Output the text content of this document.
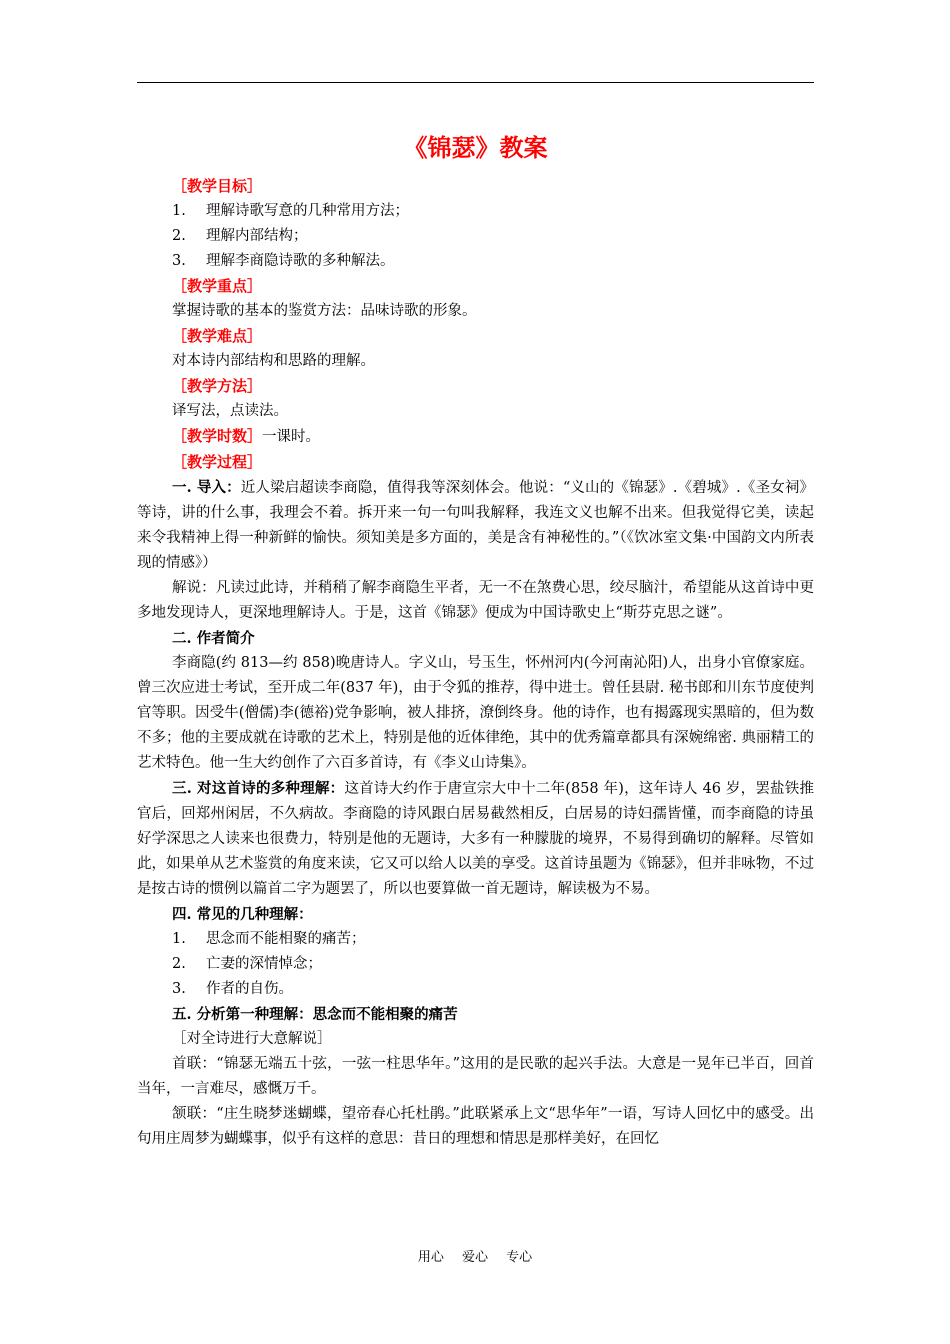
《锦瑟》教案

［教学目标］

1.	理解诗歌写意的几种常用方法；

2.	理解内部结构；

3.	理解李商隐诗歌的多种解法。

［教学重点］

掌握诗歌的基本的鉴赏方法：品味诗歌的形象。

［教学难点］

对本诗内部结构和思路的理解。

［教学方法］

译写法，点读法。

［教学时数］一课时。

［教学过程］

一. 导入：近人梁启超读李商隐，值得我等深刻体会。他说：“义山的《锦瑟》.《碧城》.《圣女祠》等诗，讲的什么事，我理会不着。拆开来一句一句叫我解释，我连文义也解不出来。但我觉得它美，读起来令我精神上得一种新鲜的愉快。须知美是多方面的，美是含有神秘性的。”（《饮冰室文集·中国韵文内所表现的情感》）

解说：凡读过此诗，并稍稍了解李商隐生平者，无一不在煞费心思，绞尽脑汁，希望能从这首诗中更多地发现诗人，更深地理解诗人。于是，这首《锦瑟》便成为中国诗歌史上“斯芬克思之谜”。

二. 作者简介

李商隐(约 813—约 858)晚唐诗人。字义山，号玉生，怀州河内(今河南沁阳)人，出身小官僚家庭。曾三次应进士考试，至开成二年(837 年)，由于令狐的推荐，得中进士。曾任县尉. 秘书郎和川东节度使判官等职。因受牛(僧儒)李(德裕)党争影响，被人排挤，潦倒终身。他的诗作，也有揭露现实黑暗的，但为数不多；他的主要成就在诗歌的艺术上，特别是他的近体律绝，其中的优秀篇章都具有深婉绵密. 典丽精工的艺术特色。他一生大约创作了六百多首诗，有《李义山诗集》。

三. 对这首诗的多种理解：这首诗大约作于唐宣宗大中十二年(858 年)，这年诗人 46 岁，罢盐铁推官后，回郑州闲居，不久病故。李商隐的诗风跟白居易截然相反，白居易的诗妇孺皆懂，而李商隐的诗虽好学深思之人读来也很费力，特别是他的无题诗，大多有一种朦胧的境界，不易得到确切的解释。尽管如此，如果单从艺术鉴赏的角度来读，它又可以给人以美的享受。这首诗虽题为《锦瑟》，但并非咏物，不过是按古诗的惯例以篇首二字为题罢了，所以也要算做一首无题诗，解读极为不易。

四. 常见的几种理解：

1.	思念而不能相聚的痛苦；

2.	亡妻的深情悼念；

3.	作者的自伤。

五. 分析第一种理解：思念而不能相聚的痛苦

［对全诗进行大意解说］

首联：“锦瑟无端五十弦，一弦一柱思华年。”这用的是民歌的起兴手法。大意是一晃年已半百，回首当年，一言难尽，感慨万千。

颔联：“庄生晓梦迷蝴蝶，望帝春心托杜鹃。”此联紧承上文“思华年”一语，写诗人回忆中的感受。出句用庄周梦为蝴蝶事，似乎有这样的意思：昔日的理想和情思是那样美好，在回忆

用心 爱心 专心
